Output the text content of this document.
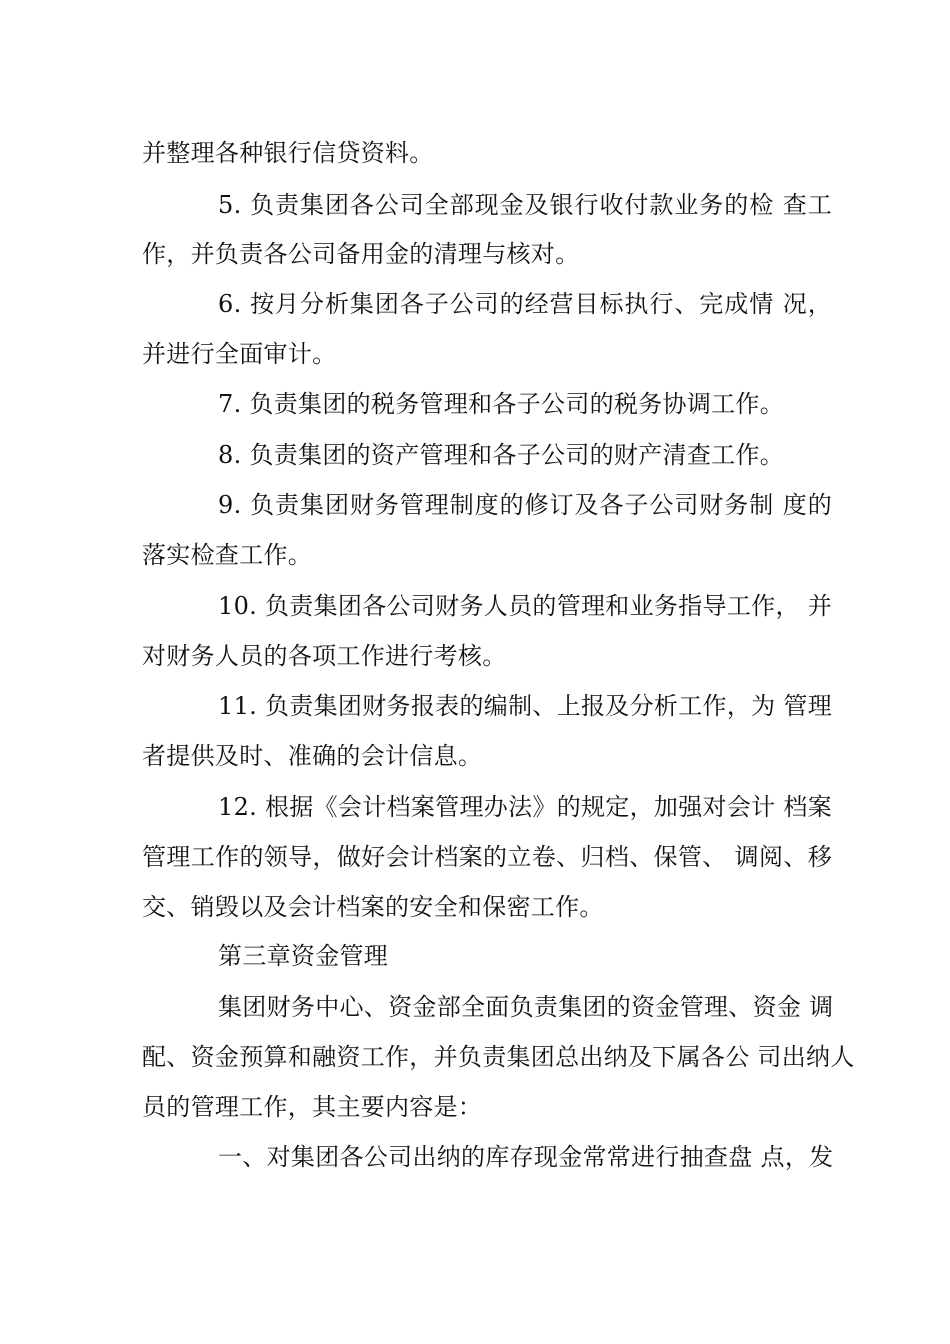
并整理各种银行信贷资料。
5. 负责集团各公司全部现金及银行收付款业务的检 查工
作，并负责各公司备用金的清理与核对。
6. 按月分析集团各子公司的经营目标执行、完成情 况，
并进行全面审计。
7. 负责集团的税务管理和各子公司的税务协调工作。
8. 负责集团的资产管理和各子公司的财产清查工作。
9. 负责集团财务管理制度的修订及各子公司财务制 度的
落实检查工作。
10. 负责集团各公司财务人员的管理和业务指导工作， 并
对财务人员的各项工作进行考核。
11. 负责集团财务报表的编制、上报及分析工作，为 管理
者提供及时、准确的会计信息。
12. 根据《会计档案管理办法》的规定，加强对会计 档案
管理工作的领导，做好会计档案的立卷、归档、保管、 调阅、移
交、销毁以及会计档案的安全和保密工作。
第三章资金管理
集团财务中心、资金部全面负责集团的资金管理、资金 调
配、资金预算和融资工作，并负责集团总出纳及下属各公 司出纳人
员的管理工作，其主要内容是：
一、对集团各公司出纳的库存现金常常进行抽查盘 点，发
